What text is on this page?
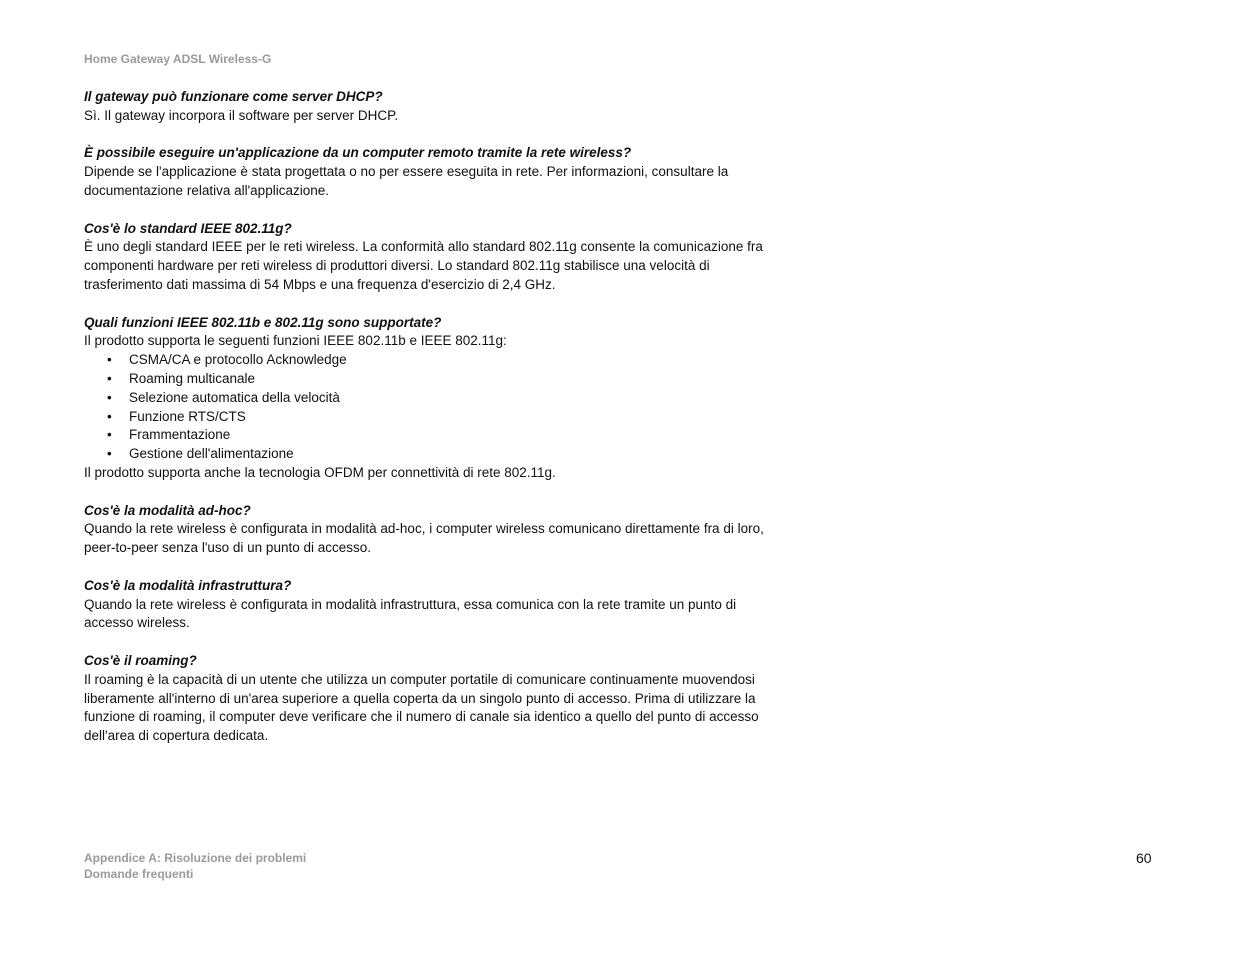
Home Gateway ADSL Wireless-G

Il gateway può funzionare come server DHCP?

Sì. Il gateway incorpora il software per server DHCP.

È possibile eseguire un'applicazione da un computer remoto tramite la rete wireless?

Dipende se l'applicazione è stata progettata o no per essere eseguita in rete. Per informazioni, consultare la documentazione relativa all'applicazione.

Cos'è lo standard IEEE 802.11g?

È uno degli standard IEEE per le reti wireless. La conformità allo standard 802.11g consente la comunicazione fra componenti hardware per reti wireless di produttori diversi. Lo standard 802.11g stabilisce una velocità di trasferimento dati massima di 54 Mbps e una frequenza d'esercizio di 2,4 GHz.

Quali funzioni IEEE 802.11b e 802.11g sono supportate?

Il prodotto supporta le seguenti funzioni IEEE 802.11b e IEEE 802.11g:

• CSMA/CA e protocollo Acknowledge
• Roaming multicanale
• Selezione automatica della velocità
• Funzione RTS/CTS
• Frammentazione
• Gestione dell'alimentazione

Il prodotto supporta anche la tecnologia OFDM per connettività di rete 802.11g.

Cos'è la modalità ad-hoc?

Quando la rete wireless è configurata in modalità ad-hoc, i computer wireless comunicano direttamente fra di loro, peer-to-peer senza l'uso di un punto di accesso.

Cos'è la modalità infrastruttura?

Quando la rete wireless è configurata in modalità infrastruttura, essa comunica con la rete tramite un punto di accesso wireless.

Cos'è il roaming?

Il roaming è la capacità di un utente che utilizza un computer portatile di comunicare continuamente muovendosi liberamente all'interno di un'area superiore a quella coperta da un singolo punto di accesso. Prima di utilizzare la funzione di roaming, il computer deve verificare che il numero di canale sia identico a quello del punto di accesso dell'area di copertura dedicata.

Appendice A: Risoluzione dei problemi
Domande frequenti
60
